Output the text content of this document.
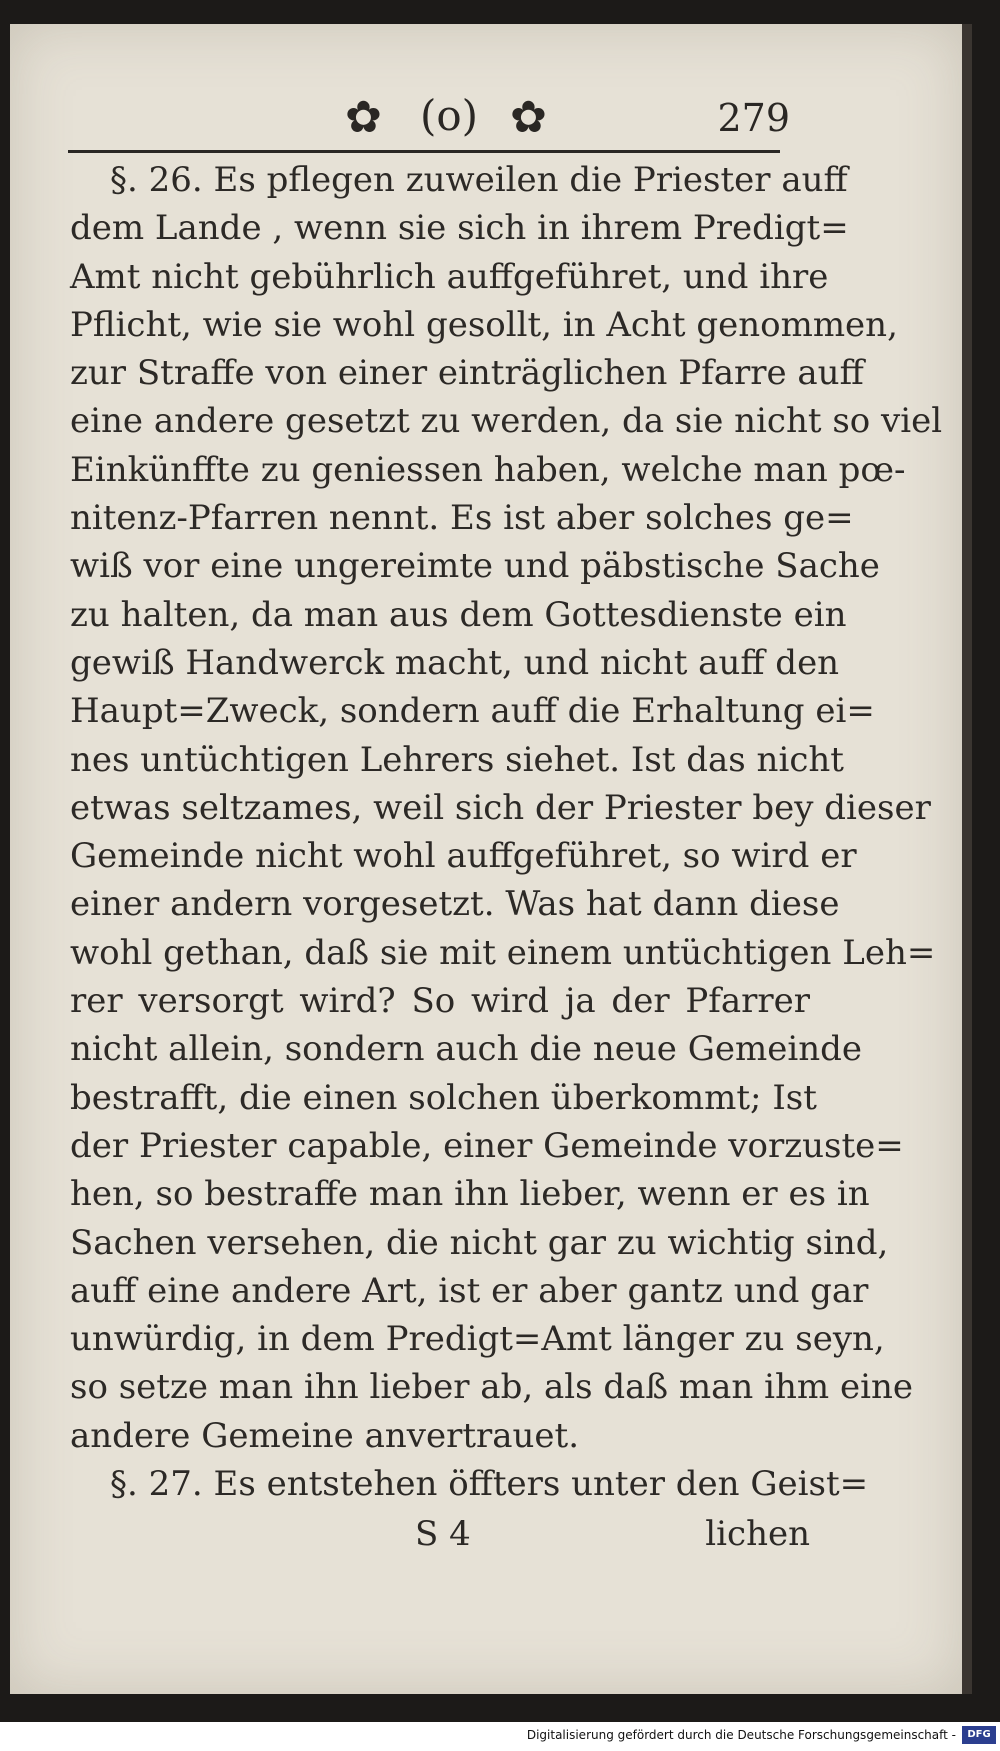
✿ (o) ✿	279
§. 26. Es pflegen zuweilen die Priester auff
dem Lande , wenn sie sich in ihrem Predigt=
Amt nicht gebührlich auffgeführet, und ihre
Pflicht, wie sie wohl gesollt, in Acht genommen,
zur Straffe von einer einträglichen Pfarre auff
eine andere gesetzt zu werden, da sie nicht so viel
Einkünffte zu geniessen haben, welche man pœ-
nitenz-Pfarren nennt. Es ist aber solches ge=
wiß vor eine ungereimte und päbstische Sache
zu halten, da man aus dem Gottesdienste ein
gewiß Handwerck macht, und nicht auff den
Haupt=Zweck, sondern auff die Erhaltung ei=
nes untüchtigen Lehrers siehet. Ist das nicht
etwas seltzames, weil sich der Priester bey dieser
Gemeinde nicht wohl auffgeführet, so wird er
einer andern vorgesetzt. Was hat dann diese
wohl gethan, daß sie mit einem untüchtigen Leh=
rer versorgt wird? So wird ja der Pfarrer
nicht allein, sondern auch die neue Gemeinde
bestrafft, die einen solchen überkommt; Ist
der Priester capable, einer Gemeinde vorzuste=
hen, so bestraffe man ihn lieber, wenn er es in
Sachen versehen, die nicht gar zu wichtig sind,
auff eine andere Art, ist er aber gantz und gar
unwürdig, in dem Predigt=Amt länger zu seyn,
so setze man ihn lieber ab, als daß man ihm eine
andere Gemeine anvertrauet.
§. 27. Es entstehen öffters unter den Geist=
S 4	lichen
Digitalisierung gefördert durch die Deutsche Forschungsgemeinschaft -	DFG
